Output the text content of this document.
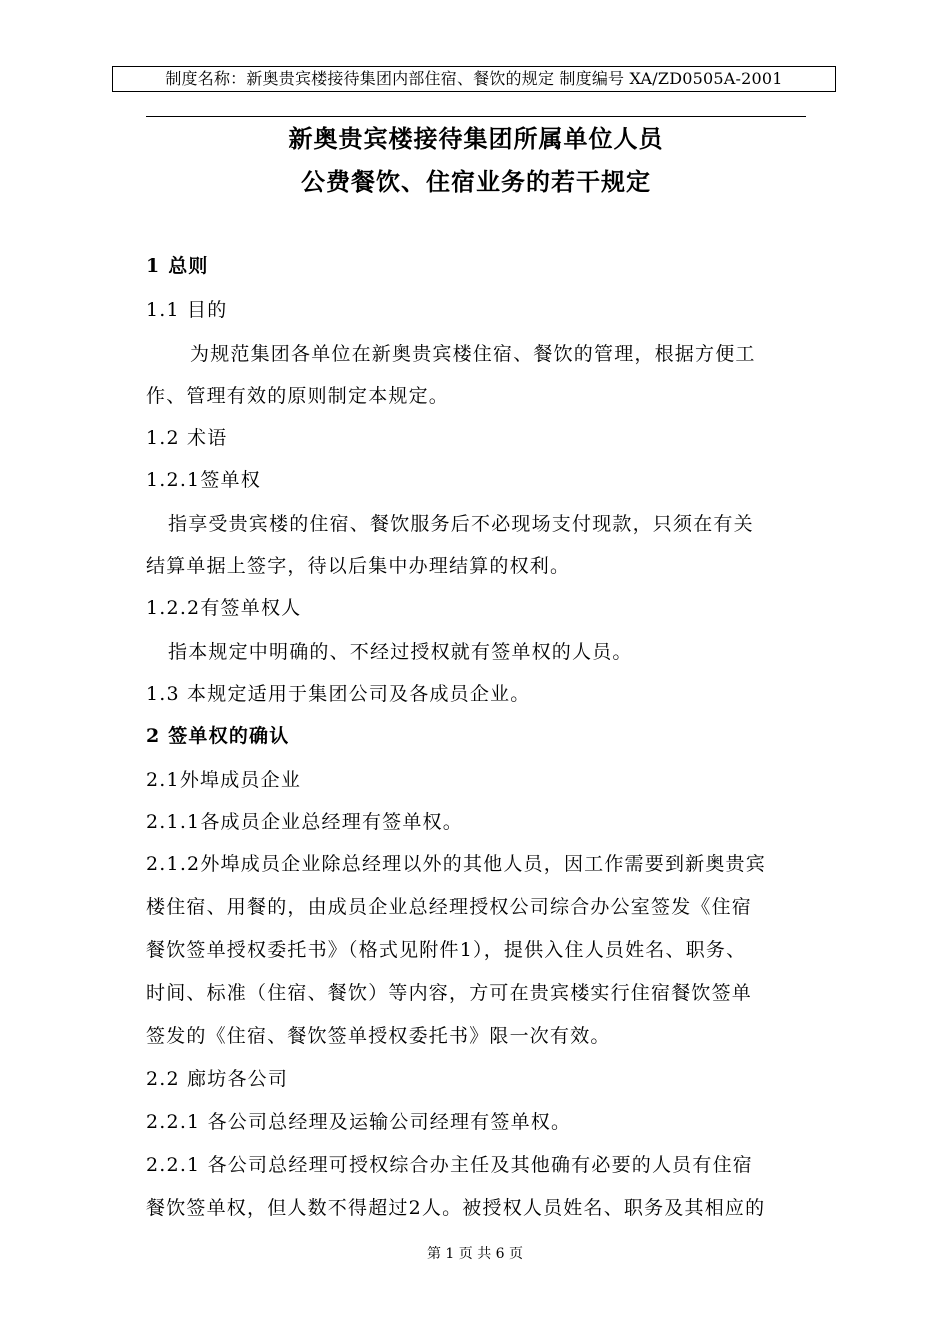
制度名称：新奥贵宾楼接待集团内部住宿、餐饮的规定 制度编号 XA/ZD0505A-2001
新奥贵宾楼接待集团所属单位人员
公费餐饮、住宿业务的若干规定
1 总则
1.1 目的
为规范集团各单位在新奥贵宾楼住宿、餐饮的管理，根据方便工
作、管理有效的原则制定本规定。
1.2 术语
1.2.1签单权
指享受贵宾楼的住宿、餐饮服务后不必现场支付现款，只须在有关
结算单据上签字，待以后集中办理结算的权利。
1.2.2有签单权人
指本规定中明确的、不经过授权就有签单权的人员。
1.3 本规定适用于集团公司及各成员企业。
2 签单权的确认
2.1外埠成员企业
2.1.1各成员企业总经理有签单权。
2.1.2外埠成员企业除总经理以外的其他人员，因工作需要到新奥贵宾
楼住宿、用餐的，由成员企业总经理授权公司综合办公室签发《住宿
餐饮签单授权委托书》（格式见附件1），提供入住人员姓名、职务、
时间、标准（住宿、餐饮）等内容，方可在贵宾楼实行住宿餐饮签单
签发的《住宿、餐饮签单授权委托书》限一次有效。
2.2 廊坊各公司
2.2.1 各公司总经理及运输公司经理有签单权。
2.2.1 各公司总经理可授权综合办主任及其他确有必要的人员有住宿
餐饮签单权，但人数不得超过2人。被授权人员姓名、职务及其相应的
第 1 页 共 6 页
